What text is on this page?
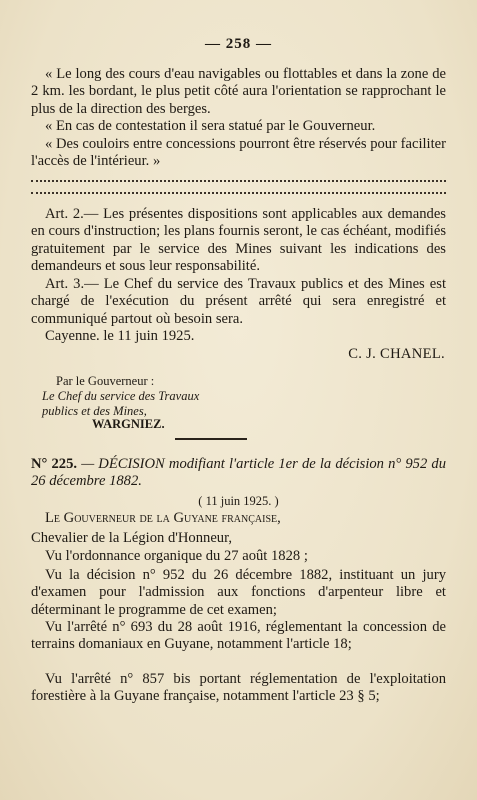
— 258 —

« Le long des cours d'eau navigables ou flottables et dans la zone de 2 km. les bordant, le plus petit côté aura l'orientation se rapprochant le plus de la direction des berges.

« En cas de contestation il sera statué par le Gouverneur.

« Des couloirs entre concessions pourront être réservés pour faciliter l'accès de l'intérieur. »

Art. 2.— Les présentes dispositions sont applicables aux demandes en cours d'instruction; les plans fournis seront, le cas échéant, modifiés gratuitement par le service des Mines suivant les indications des demandeurs et sous leur responsabilité.

Art. 3.— Le Chef du service des Travaux publics et des Mines est chargé de l'exécution du présent arrêté qui sera enregistré et communiqué partout où besoin sera.

Cayenne. le 11 juin 1925.

C. J. CHANEL.
Par le Gouverneur :
Le Chef du service des Travaux publics et des Mines,
WARGNIEZ.

N° 225. — DÉCISION modifiant l'article 1er de la décision n° 952 du 26 décembre 1882.

( 11 juin 1925. )

Le Gouverneur de la Guyane française,

Chevalier de la Légion d'Honneur,

Vu l'ordonnance organique du 27 août 1828 ;

Vu la décision n° 952 du 26 décembre 1882, instituant un jury d'examen pour l'admission aux fonctions d'arpenteur libre et déterminant le programme de cet examen;

Vu l'arrêté n° 693 du 28 août 1916, réglementant la concession de terrains domaniaux en Guyane, notamment l'article 18;

Vu l'arrêté n° 857 bis portant réglementation de l'exploitation forestière à la Guyane française, notamment l'article 23 § 5;
